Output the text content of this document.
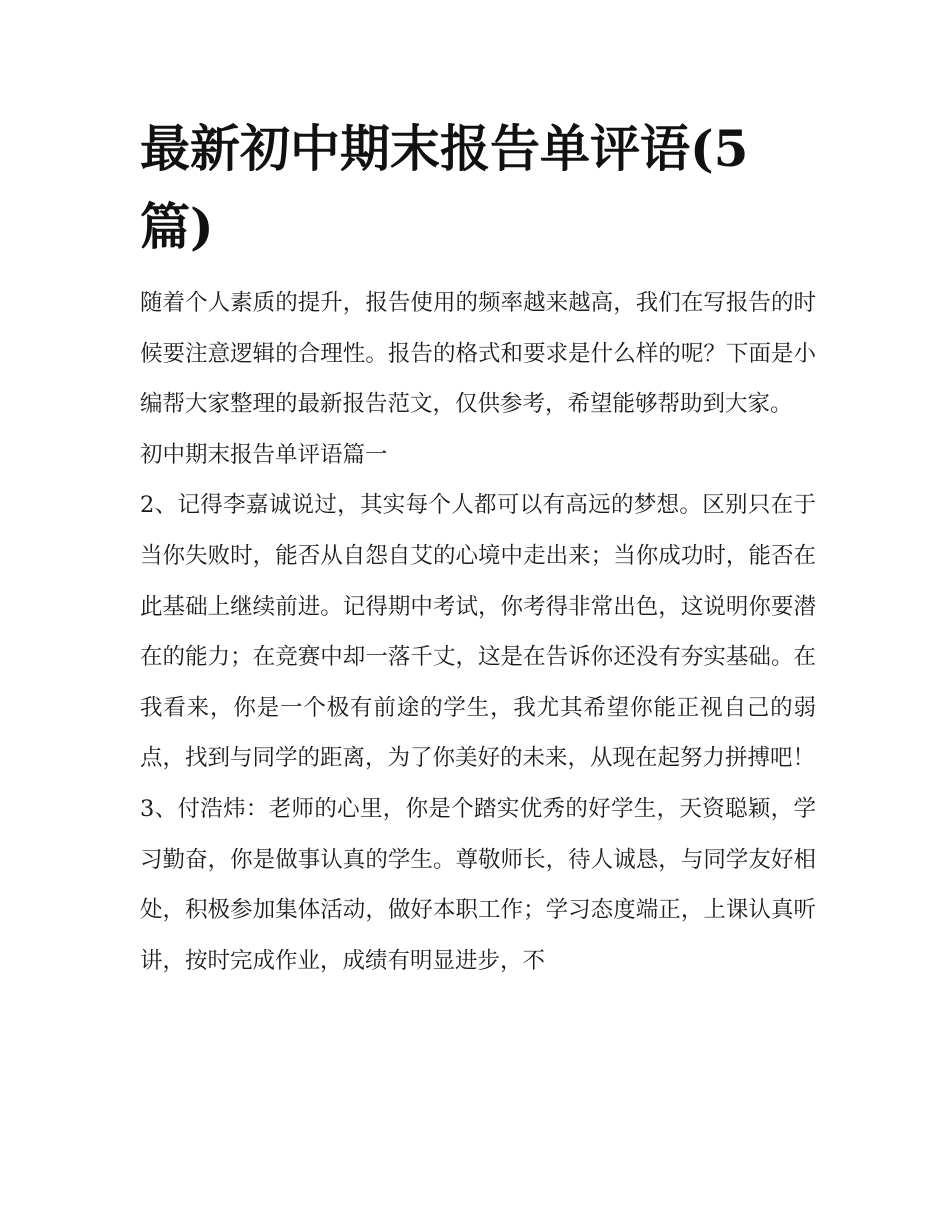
最新初中期末报告单评语(5篇)

随着个人素质的提升，报告使用的频率越来越高，我们在写报告的时候要注意逻辑的合理性。报告的格式和要求是什么样的呢？下面是小编帮大家整理的最新报告范文，仅供参考，希望能够帮助到大家。

初中期末报告单评语篇一

2、记得李嘉诚说过，其实每个人都可以有高远的梦想。区别只在于当你失败时，能否从自怨自艾的心境中走出来；当你成功时，能否在此基础上继续前进。记得期中考试，你考得非常出色，这说明你要潜在的能力；在竞赛中却一落千丈，这是在告诉你还没有夯实基础。在我看来，你是一个极有前途的学生，我尤其希望你能正视自己的弱点，找到与同学的距离，为了你美好的未来，从现在起努力拼搏吧！

3、付浩炜：老师的心里，你是个踏实优秀的好学生，天资聪颖，学习勤奋，你是做事认真的学生。尊敬师长，待人诚恳，与同学友好相处，积极参加集体活动，做好本职工作；学习态度端正，上课认真听讲，按时完成作业，成绩有明显进步，不
